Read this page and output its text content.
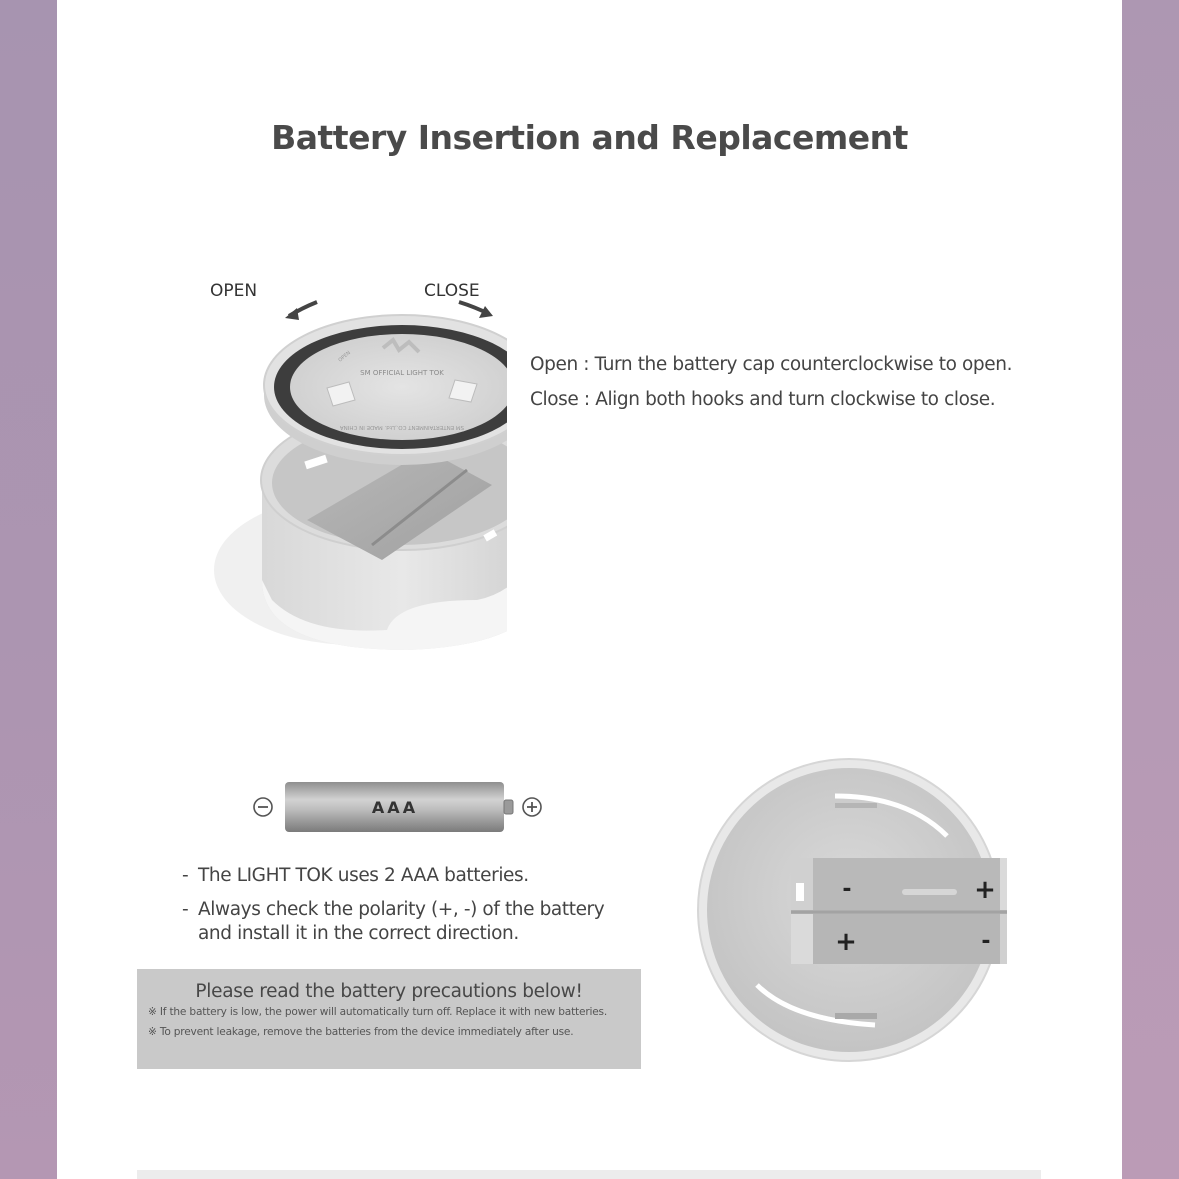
Battery Insertion and Replacement
OPEN	CLOSE
SM OFFICIAL LIGHT TOK
OPEN
SM ENTERTAINMENT CO.,Ltd. MADE IN CHINA
Open : Turn the battery cap counterclockwise to open.
Close : Align both hooks and turn clockwise to close.
AAA
- The LIGHT TOK uses 2 AAA batteries.
- Always check the polarity (+, -) of the battery
and install it in the correct direction.
Please read the battery precautions below!
※ If the battery is low, the power will automatically turn off. Replace it with new batteries.
※ To prevent leakage, remove the batteries from the device immediately after use.
-	+
+	-
